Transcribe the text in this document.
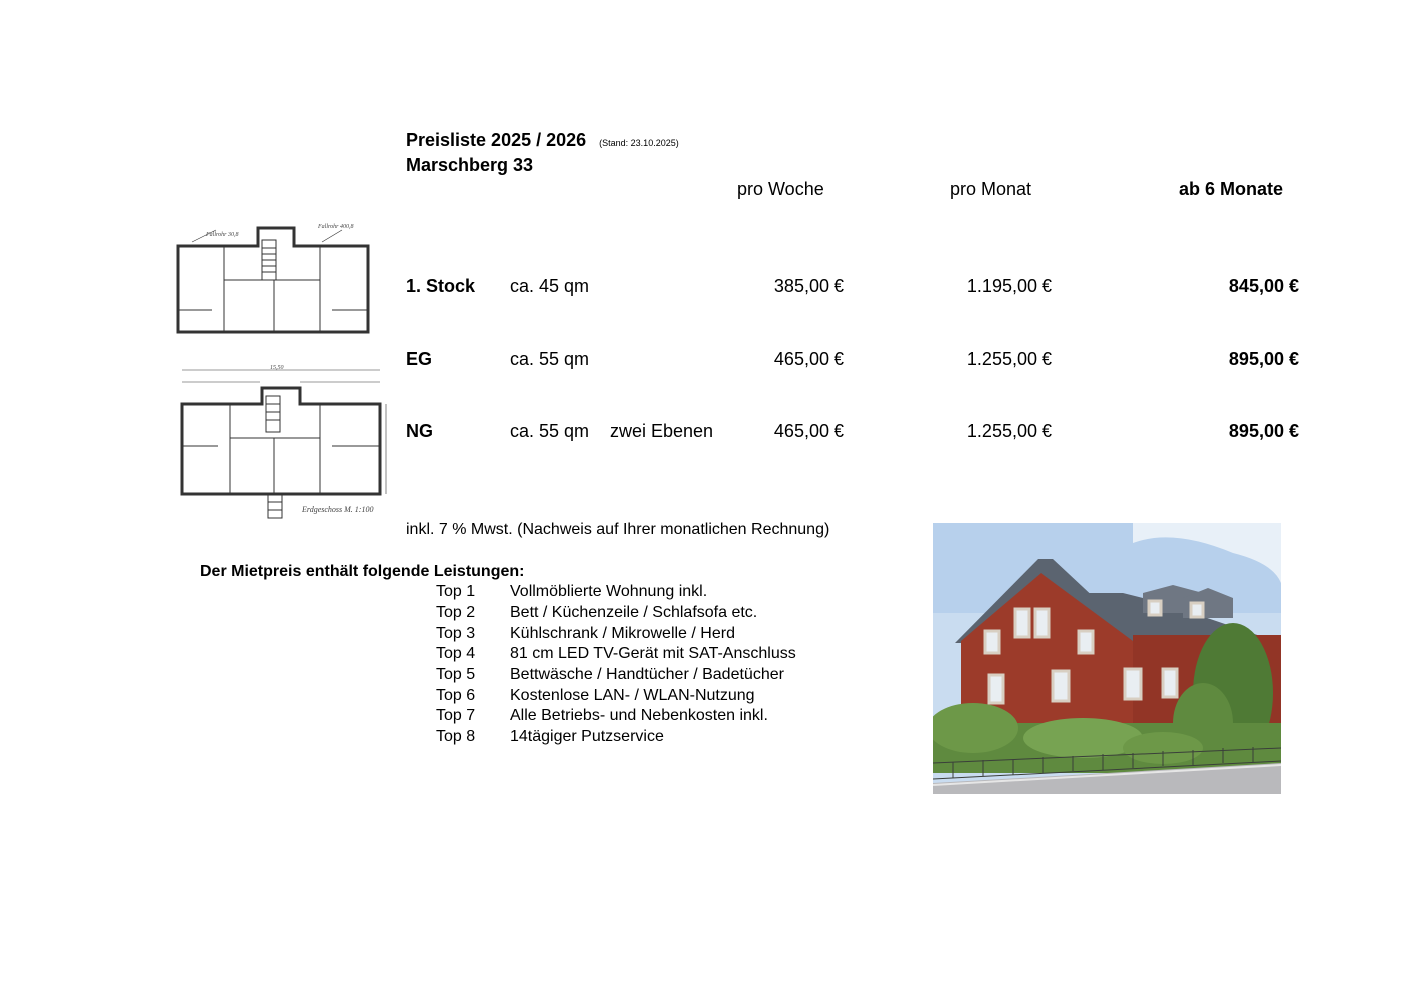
Preisliste 2025 / 2026 (Stand: 23.10.2025)
Marschberg 33
pro Woche	pro Monat	ab 6 Monate
1. Stock ca. 45 qm	385,00 €	1.195,00 €	845,00 €
EG	ca. 55 qm	465,00 €	1.255,00 €	895,00 €
NG	ca. 55 qm zwei Ebenen	465,00 €	1.255,00 €	895,00 €
inkl. 7 % Mwst. (Nachweis auf Ihrer monatlichen Rechnung)
Der Mietpreis enthält folgende Leistungen:
Top 1 Vollmöblierte Wohnung inkl.
Top 2 Bett / Küchenzeile / Schlafsofa etc.
Top 3 Kühlschrank / Mikrowelle / Herd
Top 4 81 cm LED TV-Gerät mit SAT-Anschluss
Top 5 Bettwäsche / Handtücher / Badetücher
Top 6 Kostenlose LAN- / WLAN-Nutzung
Top 7 Alle Betriebs- und Nebenkosten inkl.
Top 8 14tägiger Putzservice
Fallrohr 30,8
Fallrohr 400,8
15,50
Erdgeschoss M. 1:100
